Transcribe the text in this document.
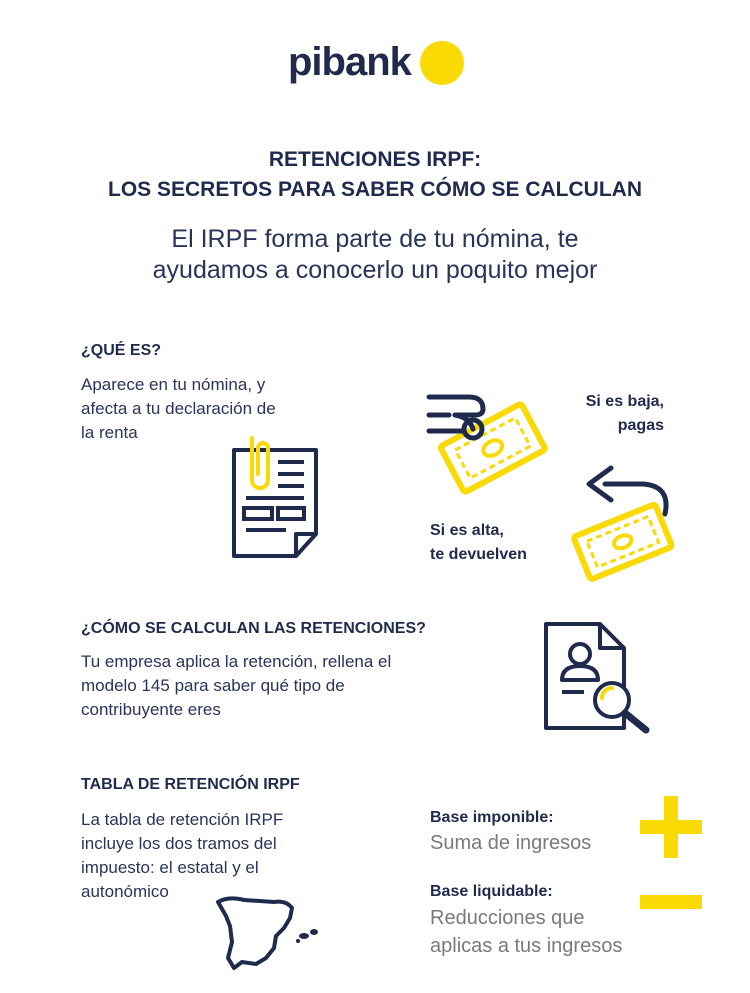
pibank
RETENCIONES IRPF:
LOS SECRETOS PARA SABER CÓMO SE CALCULAN
El IRPF forma parte de tu nómina, te
ayudamos a conocerlo un poquito mejor
¿QUÉ ES?
Aparece en tu nómina, y
afecta a tu declaración de
la renta
Si es baja,
pagas
Si es alta,
te devuelven
¿CÓMO SE CALCULAN LAS RETENCIONES?
Tu empresa aplica la retención, rellena el
modelo 145 para saber qué tipo de
contribuyente eres
TABLA DE RETENCIÓN IRPF
La tabla de retención IRPF
incluye los dos tramos del
impuesto: el estatal y el
autonómico
Base imponible:
Suma de ingresos
Base liquidable:
Reducciones que
aplicas a tus ingresos
